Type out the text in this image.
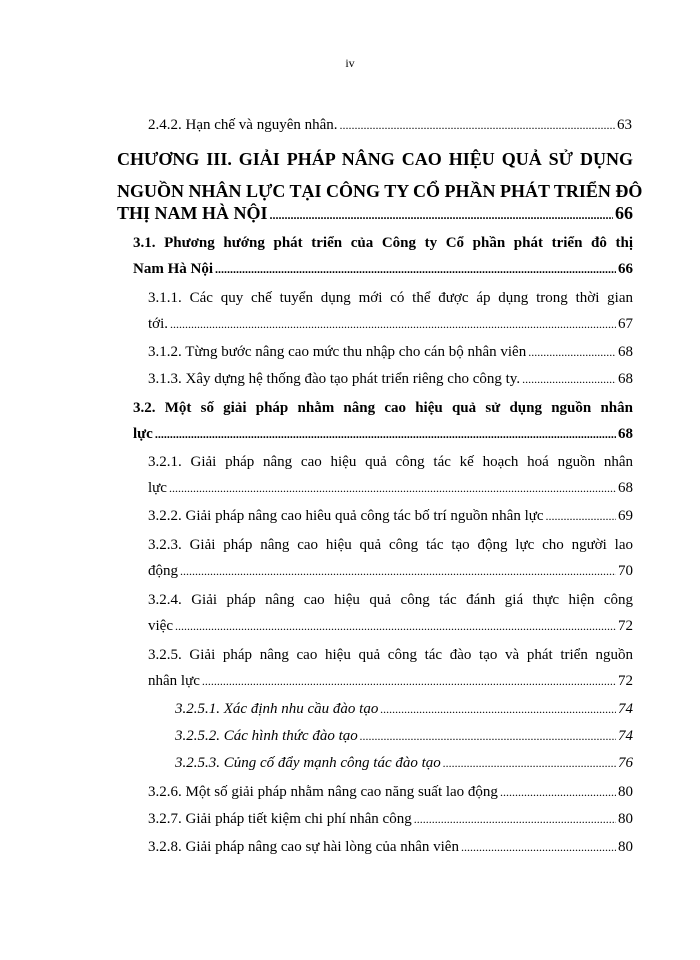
iv
2.4.2. Hạn chế và nguyên nhân. .....	63
CHƯƠNG III. GIẢI PHÁP NÂNG CAO HIỆU QUẢ SỬ DỤNG
NGUỒN NHÂN LỰC TẠI CÔNG TY CỔ PHẦN PHÁT TRIỂN ĐÔ
THỊ NAM HÀ NỘI .....	66
3.1. Phương hướng phát triển của Công ty Cổ phần phát triển đô thị
Nam Hà Nội .....	66
3.1.1. Các quy chế tuyển dụng mới có thể được áp dụng trong thời gian
tới. .....	67
3.1.2. Từng bước nâng cao mức thu nhập cho cán bộ nhân viên .....	68
3.1.3. Xây dựng hệ thống đào tạo phát triển riêng cho công ty. .....	68
3.2. Một số giải pháp nhằm nâng cao hiệu quả sử dụng nguồn nhân
lực .....	68
3.2.1. Giải pháp nâng cao hiệu quả công tác kế hoạch hoá nguồn nhân
lực .....	68
3.2.2. Giải pháp nâng cao hiêu quả công tác bố trí nguồn nhân lực .....	69
3.2.3. Giải pháp nâng cao hiệu quả công tác tạo động lực cho người lao
động .....	70
3.2.4. Giải pháp nâng cao hiệu quả công tác đánh giá thực hiện công
việc .....	72
3.2.5. Giải pháp nâng cao hiệu quả công tác đào tạo và phát triển nguồn
nhân lực .....	72
3.2.5.1. Xác định nhu cầu đào tạo .....	74
3.2.5.2. Các hình thức đào tạo .....	74
3.2.5.3. Củng cố đẩy mạnh công tác đào tạo .....	76
3.2.6. Một số giải pháp nhằm nâng cao năng suất lao động .....	80
3.2.7. Giải pháp tiết kiệm chi phí nhân công .....	80
3.2.8. Giải pháp nâng cao sự hài lòng của nhân viên .....	80
